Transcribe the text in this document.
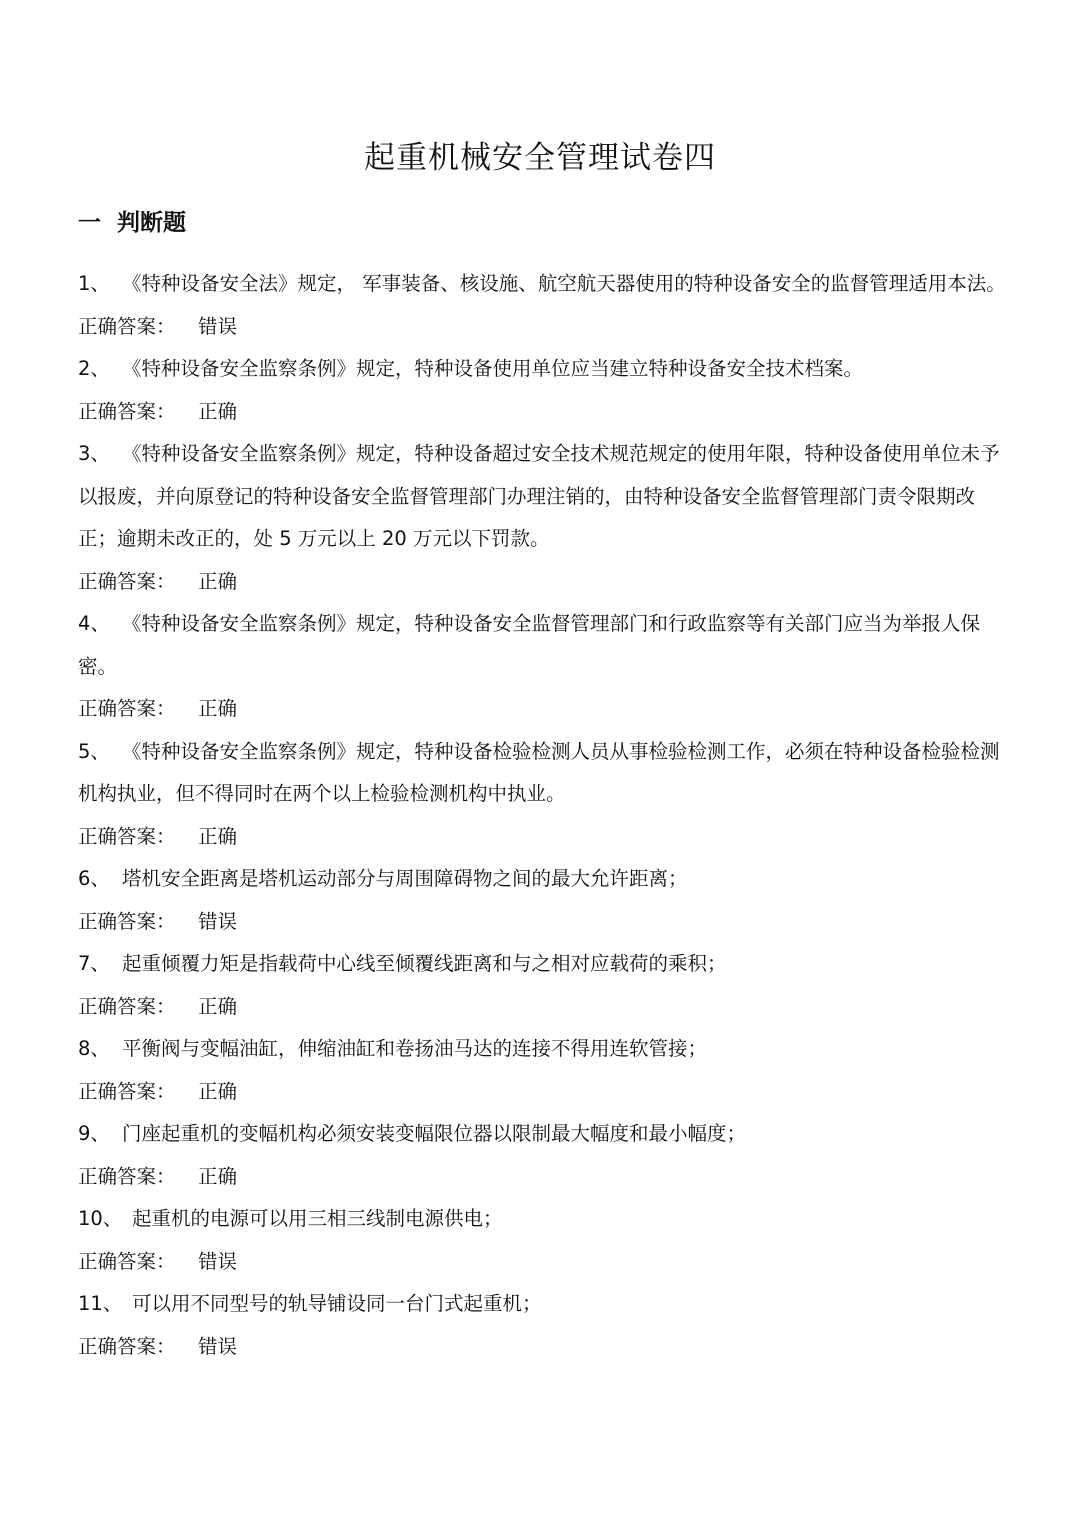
起重机械安全管理试卷四
一  判断题
1、 《特种设备安全法》规定， 军事装备、核设施、航空航天器使用的特种设备安全的监督管理适用本法。
正确答案： 错误
2、 《特种设备安全监察条例》规定，特种设备使用单位应当建立特种设备安全技术档案。
正确答案： 正确
3、 《特种设备安全监察条例》规定，特种设备超过安全技术规范规定的使用年限，特种设备使用单位未予以报废，并向原登记的特种设备安全监督管理部门办理注销的，由特种设备安全监督管理部门责令限期改正；逾期未改正的，处 5 万元以上 20 万元以下罚款。
正确答案： 正确
4、 《特种设备安全监察条例》规定，特种设备安全监督管理部门和行政监察等有关部门应当为举报人保密。
正确答案： 正确
5、 《特种设备安全监察条例》规定，特种设备检验检测人员从事检验检测工作，必须在特种设备检验检测机构执业，但不得同时在两个以上检验检测机构中执业。
正确答案： 正确
6、 塔机安全距离是塔机运动部分与周围障碍物之间的最大允许距离；
正确答案： 错误
7、 起重倾覆力矩是指载荷中心线至倾覆线距离和与之相对应载荷的乘积；
正确答案： 正确
8、 平衡阀与变幅油缸，伸缩油缸和卷扬油马达的连接不得用连软管接；
正确答案： 正确
9、 门座起重机的变幅机构必须安装变幅限位器以限制最大幅度和最小幅度；
正确答案： 正确
10、 起重机的电源可以用三相三线制电源供电；
正确答案： 错误
11、 可以用不同型号的轨导铺设同一台门式起重机；
正确答案： 错误
